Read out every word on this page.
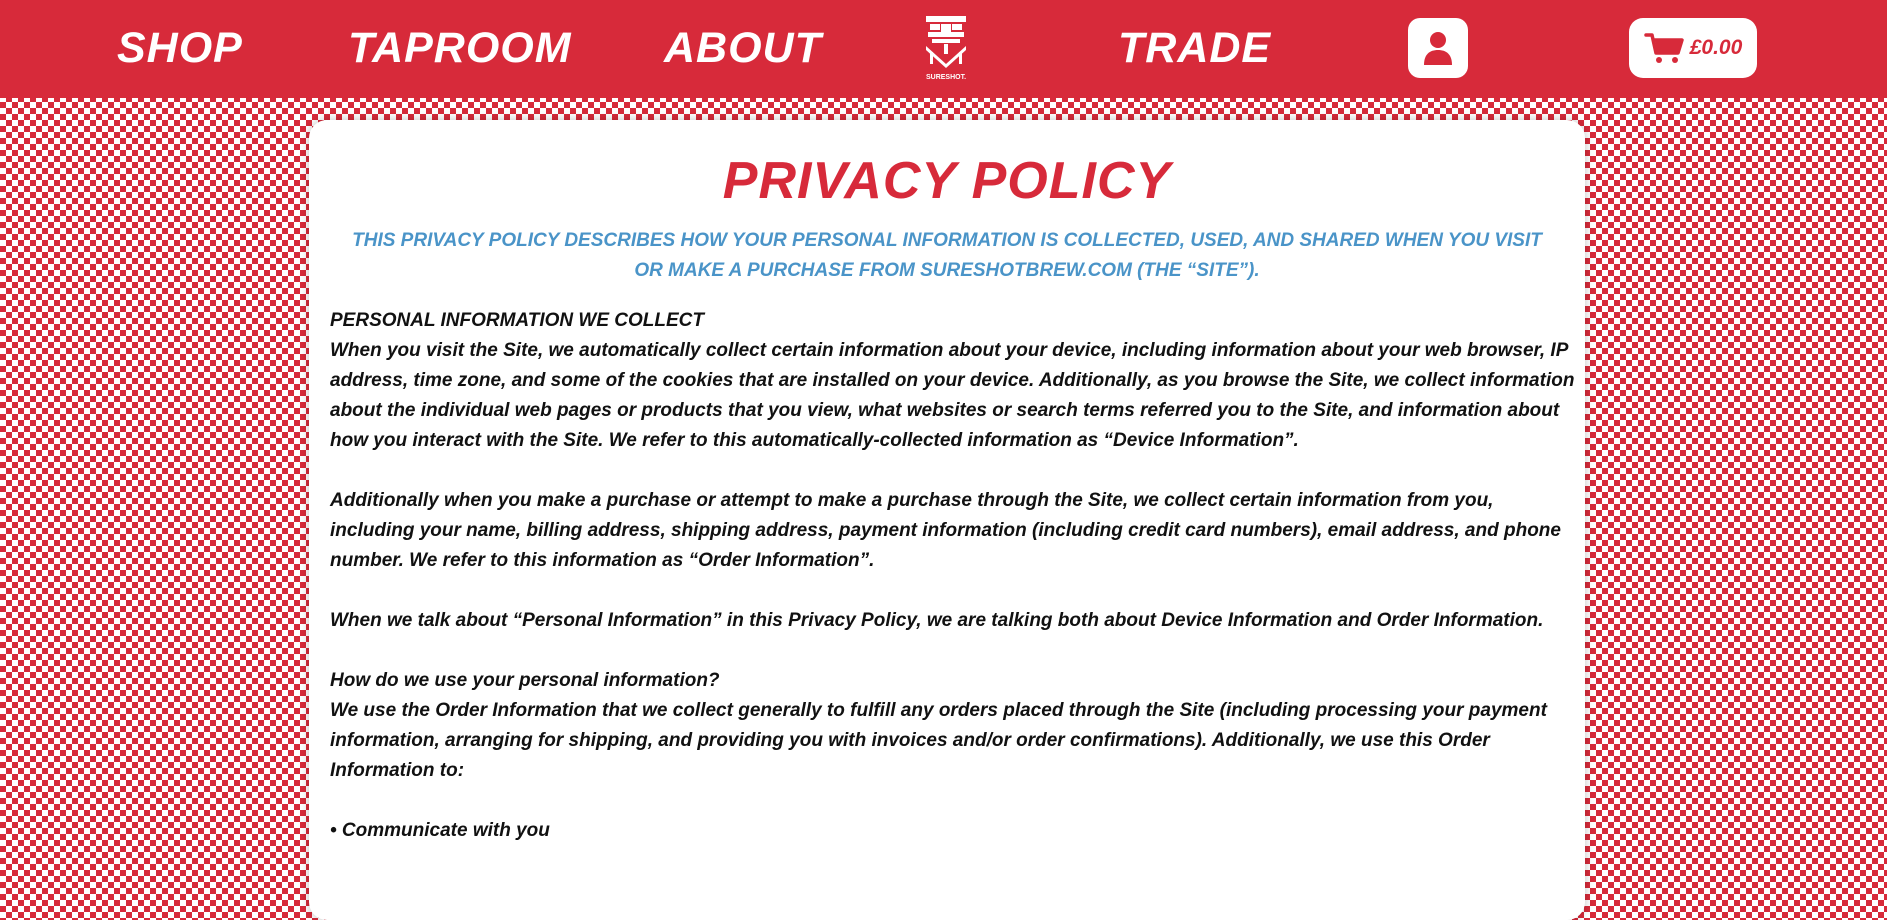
SHOP TAPROOM ABOUT
SURESHOT.
TRADE	£0.00
PRIVACY POLICY

THIS PRIVACY POLICY DESCRIBES HOW YOUR PERSONAL INFORMATION IS COLLECTED, USED, AND SHARED WHEN YOU VISIT OR MAKE A PURCHASE FROM SURESHOTBREW.COM (THE “SITE”).

PERSONAL INFORMATION WE COLLECT
When you visit the Site, we automatically collect certain information about your device, including information about your web browser, IP address, time zone, and some of the cookies that are installed on your device. Additionally, as you browse the Site, we collect information about the individual web pages or products that you view, what websites or search terms referred you to the Site, and information about how you interact with the Site. We refer to this automatically-collected information as “Device Information”.

Additionally when you make a purchase or attempt to make a purchase through the Site, we collect certain information from you, including your name, billing address, shipping address, payment information (including credit card numbers), email address, and phone number. We refer to this information as “Order Information”.

When we talk about “Personal Information” in this Privacy Policy, we are talking both about Device Information and Order Information.

How do we use your personal information?
We use the Order Information that we collect generally to fulfill any orders placed through the Site (including processing your payment information, arranging for shipping, and providing you with invoices and/or order confirmations). Additionally, we use this Order Information to:

• Communicate with you
